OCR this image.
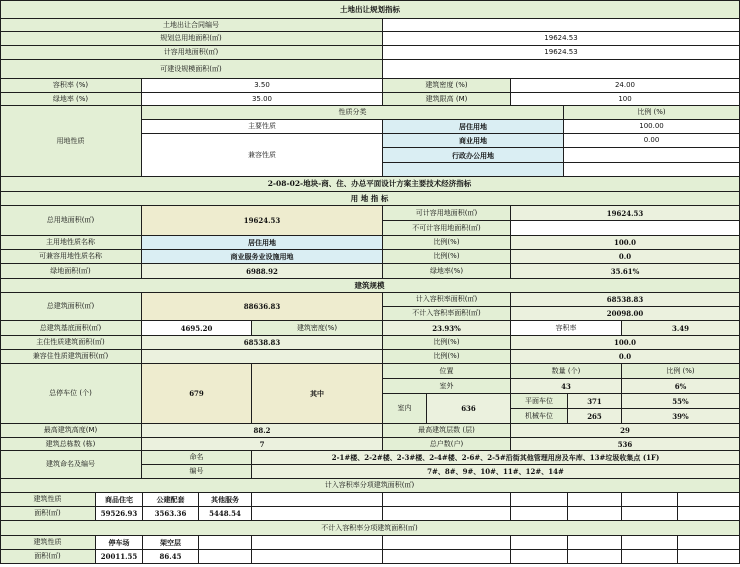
土地出让规划指标
土地出让合同编号
规划总用地面积(㎡)	19624.53
计容用地面积(㎡)	19624.53
可建设规模面积(㎡)
容积率 (%)	3.50	建筑密度 (%)	24.00
绿地率 (%)	35.00	建筑限高 (M)	100
用地性质
性质分类	比例 (%)
主要性质	居住用地	100.00
兼容性质
商业用地	0.00
行政办公用地
2-08-02-地块-商、住、办总平面设计方案主要技术经济指标
用 地 指 标
总用地面积(㎡)	19624.53
可计容用地面积(㎡)	19624.53
不可计容用地面积(㎡)
主用地性质名称	居住用地	比例(%)	100.0
可兼容用地性质名称	商业服务业设施用地	比例(%)	0.0
绿地面积(㎡)	6988.92	绿地率(%)	35.61%
建筑规模
总建筑面积(㎡)	88636.83
计入容积率面积(㎡)	68538.83
不计入容积率面积(㎡)	20098.00
总建筑基底面积(㎡)	4695.20	建筑密度(%)	23.93%	容积率	3.49
主住性质建筑面积(㎡)	68538.83	比例(%)	100.0
兼容住性质建筑面积(㎡)	比例(%)	0.0
总停车位 (个)	679	其中
位置	数量 (个)	比例 (%)
室外	43	6%
室内	636
平面车位	371	55%
机械车位	265	39%
最高建筑高度(M)	88.2	最高建筑层数 (层)	29
建筑总栋数 (栋)	7	总户数(户)	536
建筑命名及编号
命名	2-1#楼、2-2#楼、2-3#楼、2-4#楼、2-6#、2-5#沿街其他管理用房及车库、13#垃圾收集点 (1F)
编号	7#、8#、9#、10#、11#、12#、14#
计入容积率分项建筑面积(㎡)
建筑性质	商品住宅	公建配套	其他服务
面积(㎡)	59526.93	3563.36	5448.54
不计入容积率分项建筑面积(㎡)
建筑性质	停车场	架空层
面积(㎡)	20011.55	86.45
